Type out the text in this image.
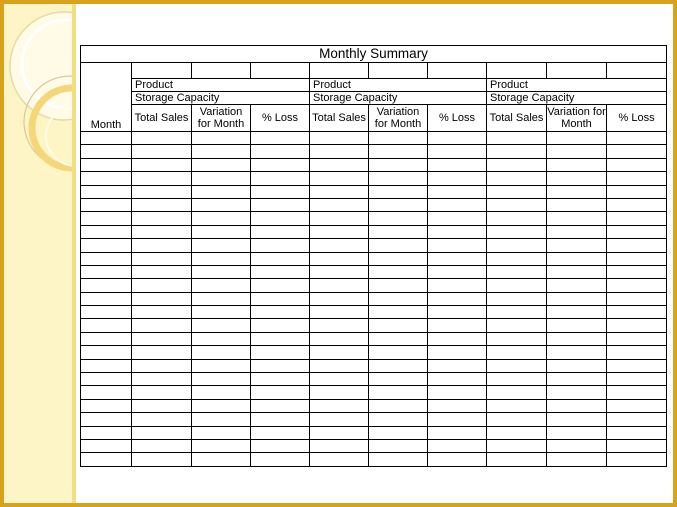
Monthly Summary									

	Product			Product			Product		
	Storage Capacity			Storage Capacity			Storage Capacity		
Month	Total Sales	Variation for Month	% Loss	Total Sales	Variation for Month	% Loss	Total Sales	Variation for Month	% Loss
